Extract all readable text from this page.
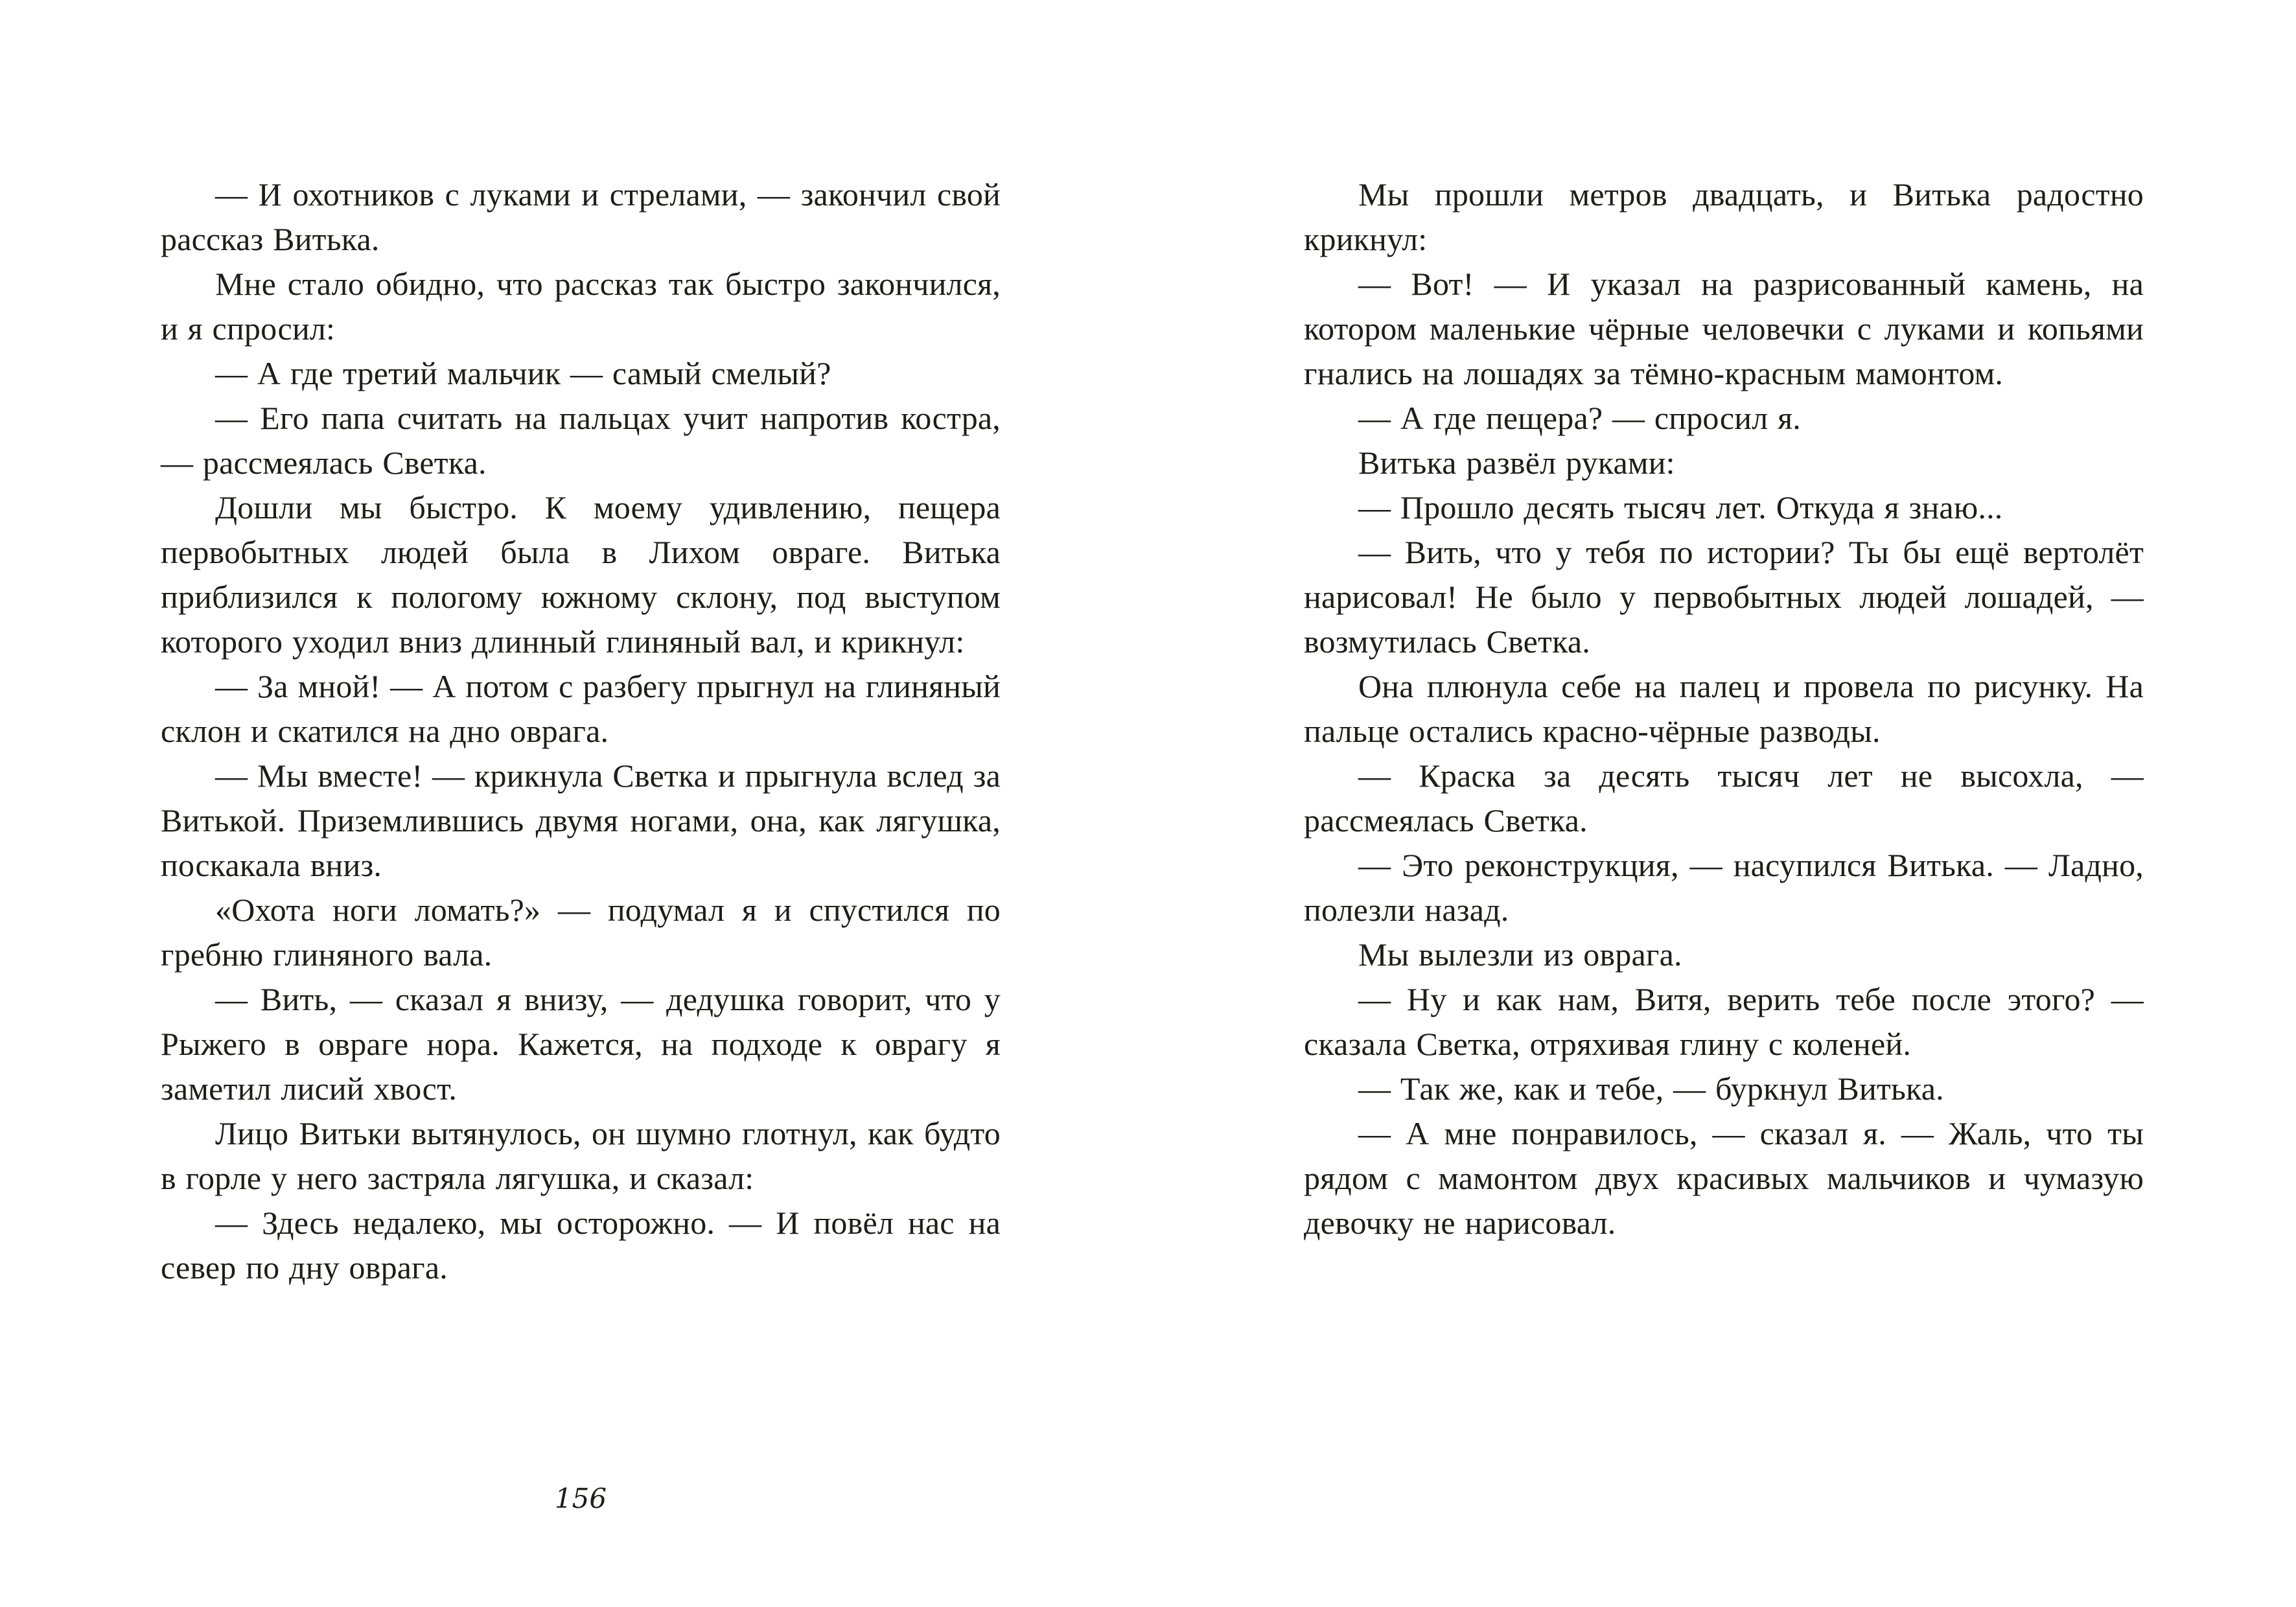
— И охотников с луками и стрелами, — закончил свой рассказ Витька.

Мне стало обидно, что рассказ так быстро закончился, и я спросил:

— А где третий мальчик — самый смелый?

— Его папа считать на пальцах учит напротив костра, — рассмеялась Светка.

Дошли мы быстро. К моему удивлению, пещера первобытных людей была в Лихом овраге. Витька приблизился к пологому южному склону, под выступом которого уходил вниз длинный глиняный вал, и крикнул:

— За мной! — А потом с разбегу прыгнул на глиняный склон и скатился на дно оврага.

— Мы вместе! — крикнула Светка и прыгнула вслед за Витькой. Приземлившись двумя ногами, она, как лягушка, поскакала вниз.

«Охота ноги ломать?» — подумал я и спустился по гребню глиняного вала.

— Вить, — сказал я внизу, — дедушка говорит, что у Рыжего в овраге нора. Кажется, на подходе к оврагу я заметил лисий хвост.

Лицо Витьки вытянулось, он шумно глотнул, как будто в горле у него застряла лягушка, и сказал:

— Здесь недалеко, мы осторожно. — И повёл нас на север по дну оврага.

Мы прошли метров двадцать, и Витька радостно крикнул:

— Вот! — И указал на разрисованный камень, на котором маленькие чёрные человечки с луками и копьями гнались на лошадях за тёмно-красным мамонтом.

— А где пещера? — спросил я.

Витька развёл руками:

— Прошло десять тысяч лет. Откуда я знаю...

— Вить, что у тебя по истории? Ты бы ещё вертолёт нарисовал! Не было у первобытных людей лошадей, — возмутилась Светка.

Она плюнула себе на палец и провела по рисунку. На пальце остались красно-чёрные разводы.

— Краска за десять тысяч лет не высохла, — рассмеялась Светка.

— Это реконструкция, — насупился Витька. — Ладно, полезли назад.

Мы вылезли из оврага.

— Ну и как нам, Витя, верить тебе после этого? — сказала Светка, отряхивая глину с коленей.

— Так же, как и тебе, — буркнул Витька.

— А мне понравилось, — сказал я. — Жаль, что ты рядом с мамонтом двух красивых мальчиков и чумазую девочку не нарисовал.

156
